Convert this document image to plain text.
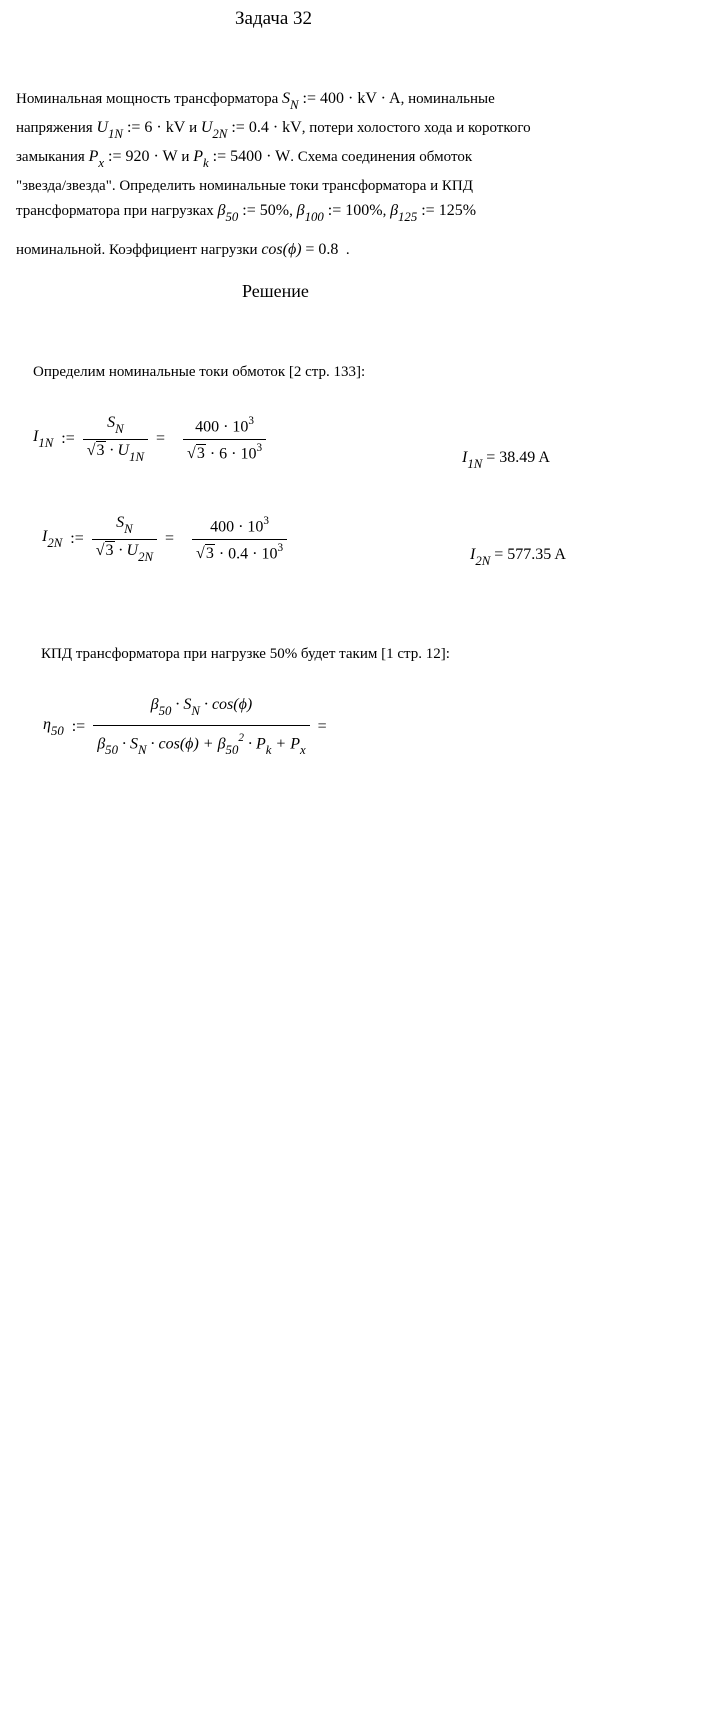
Задача 32
Номинальная мощность трансформатора $S_N$ := 400 · kV · A, номинальные
напряжения $U_{1N}$ := 6 · kV и $U_{2N}$ := 0.4 · kV, потери холостого хода и короткого
замыкания $P_x$ := 920 · W и $P_k$ := 5400 · W. Схема соединения обмоток
"звезда/звезда". Определить номинальные токи трансформатора и КПД
трансформатора при нагрузках $\beta_{50}$ := 50%, $\beta_{100}$ := 100%, $\beta_{125}$ := 125%
номинальной. Коэффициент нагрузки cos(ϕ) = 0.8 .
Решение
Определим номинальные токи обмоток [2 стр. 133]:
$I_{1N}$ := $\frac{S_N}{√3 \cdot U_{1N}} = \frac{400 \cdot 10^3}{√3 \cdot 6 \cdot 10^3}$	$I_{1N} = 38.49$ A
$I_{2N}$ := $\frac{S_N}{√3 \cdot U_{2N}} = \frac{400 \cdot 10^3}{√3 \cdot 0.4 \cdot 10^3}$	$I_{2N} = 577.35$ A
КПД трансформатора при нагрузке 50% будет таким [1 стр. 12]:
$\eta_{50}$ := $\frac{\beta_{50} \cdot S_N \cdot \cos(\phi)}{\beta_{50} \cdot S_N \cdot \cos(\phi) + \beta_{50}^2 \cdot P_k + P_x}$ =
